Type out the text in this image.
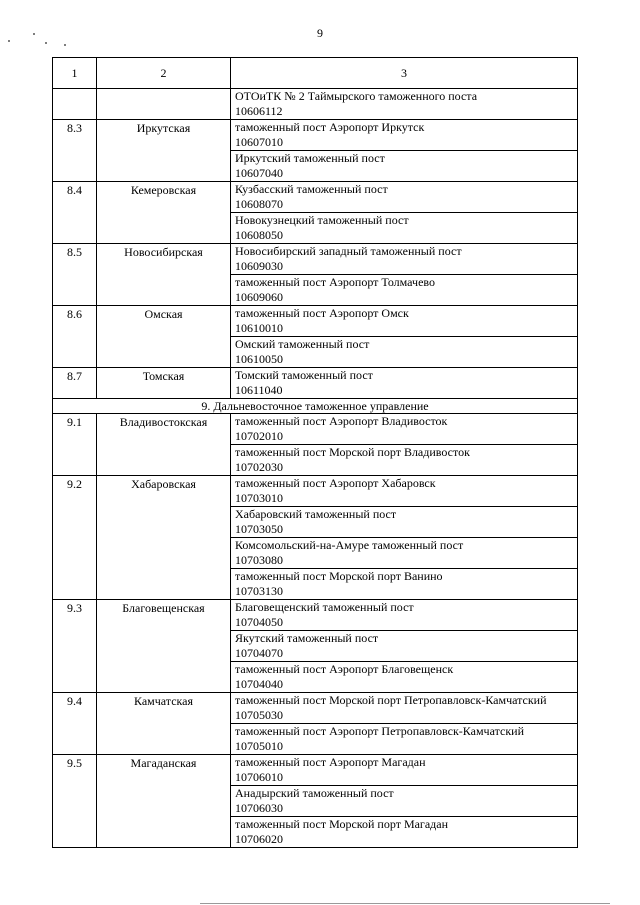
9
1	2	3

		ОТОиТК № 2 Таймырского таможенного поста
10606112

8.3	Иркутская	таможенный пост Аэропорт Иркутск
10607010

		Иркутский таможенный пост
10607040

8.4	Кемеровская	Кузбасский таможенный пост
10608070

		Новокузнецкий таможенный пост
10608050

8.5	Новосибирская	Новосибирский западный таможенный пост
10609030

		таможенный пост Аэропорт Толмачево
10609060

8.6	Омская	таможенный пост Аэропорт Омск
10610010

		Омский таможенный пост
10610050

8.7	Томская	Томский таможенный пост
10611040

9. Дальневосточное таможенное управление		
9.1	Владивостокская	таможенный пост Аэропорт Владивосток
10702010

		таможенный пост Морской порт Владивосток
10702030

9.2	Хабаровская	таможенный пост Аэропорт Хабаровск
10703010

		Хабаровский таможенный пост
10703050

		Комсомольский-на-Амуре таможенный пост
10703080

		таможенный пост Морской порт Ванино
10703130

9.3	Благовещенская	Благовещенский таможенный пост
10704050

		Якутский таможенный пост
10704070

		таможенный пост Аэропорт Благовещенск
10704040

9.4	Камчатская	таможенный пост Морской порт Петропавловск-Камчатский
10705030

		таможенный пост Аэропорт Петропавловск-Камчатский
10705010

9.5	Магаданская	таможенный пост Аэропорт Магадан
10706010

		Анадырский таможенный пост
10706030

		таможенный пост Морской порт Магадан
10706020
